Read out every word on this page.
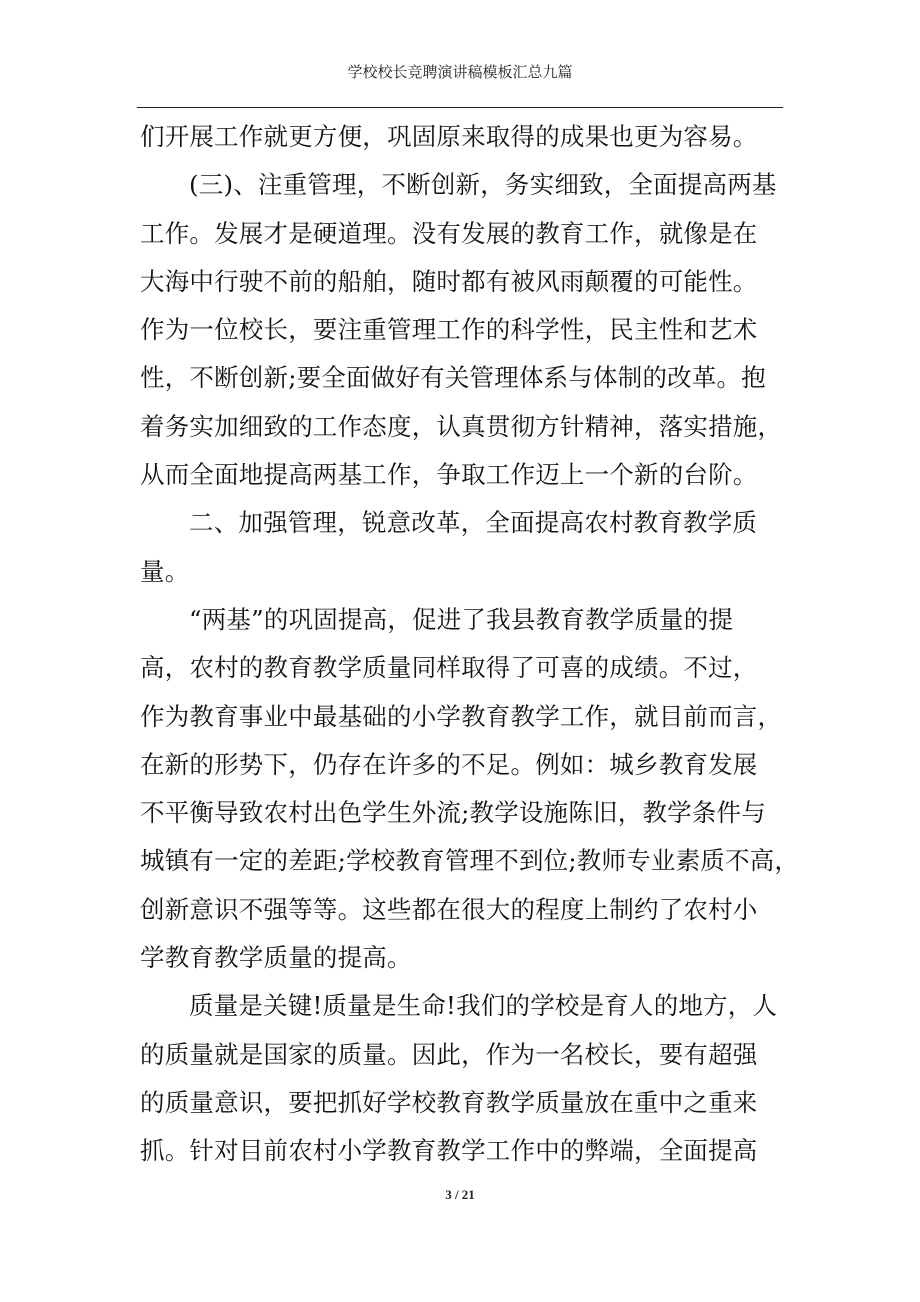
学校校长竞聘演讲稿模板汇总九篇
们开展工作就更方便，巩固原来取得的成果也更为容易。
(三)、注重管理，不断创新，务实细致，全面提高两基
工作。发展才是硬道理。没有发展的教育工作，就像是在
大海中行驶不前的船舶，随时都有被风雨颠覆的可能性。
作为一位校长，要注重管理工作的科学性，民主性和艺术
性，不断创新;要全面做好有关管理体系与体制的改革。抱
着务实加细致的工作态度，认真贯彻方针精神，落实措施，
从而全面地提高两基工作，争取工作迈上一个新的台阶。
二、加强管理，锐意改革，全面提高农村教育教学质
量。
“两基”的巩固提高，促进了我县教育教学质量的提
高，农村的教育教学质量同样取得了可喜的成绩。不过，
作为教育事业中最基础的小学教育教学工作，就目前而言，
在新的形势下，仍存在许多的不足。例如：城乡教育发展
不平衡导致农村出色学生外流;教学设施陈旧，教学条件与
城镇有一定的差距;学校教育管理不到位;教师专业素质不高，
创新意识不强等等。这些都在很大的程度上制约了农村小
学教育教学质量的提高。
质量是关键!质量是生命!我们的学校是育人的地方，人
的质量就是国家的质量。因此，作为一名校长，要有超强
的质量意识，要把抓好学校教育教学质量放在重中之重来
抓。针对目前农村小学教育教学工作中的弊端，全面提高
3 / 21
